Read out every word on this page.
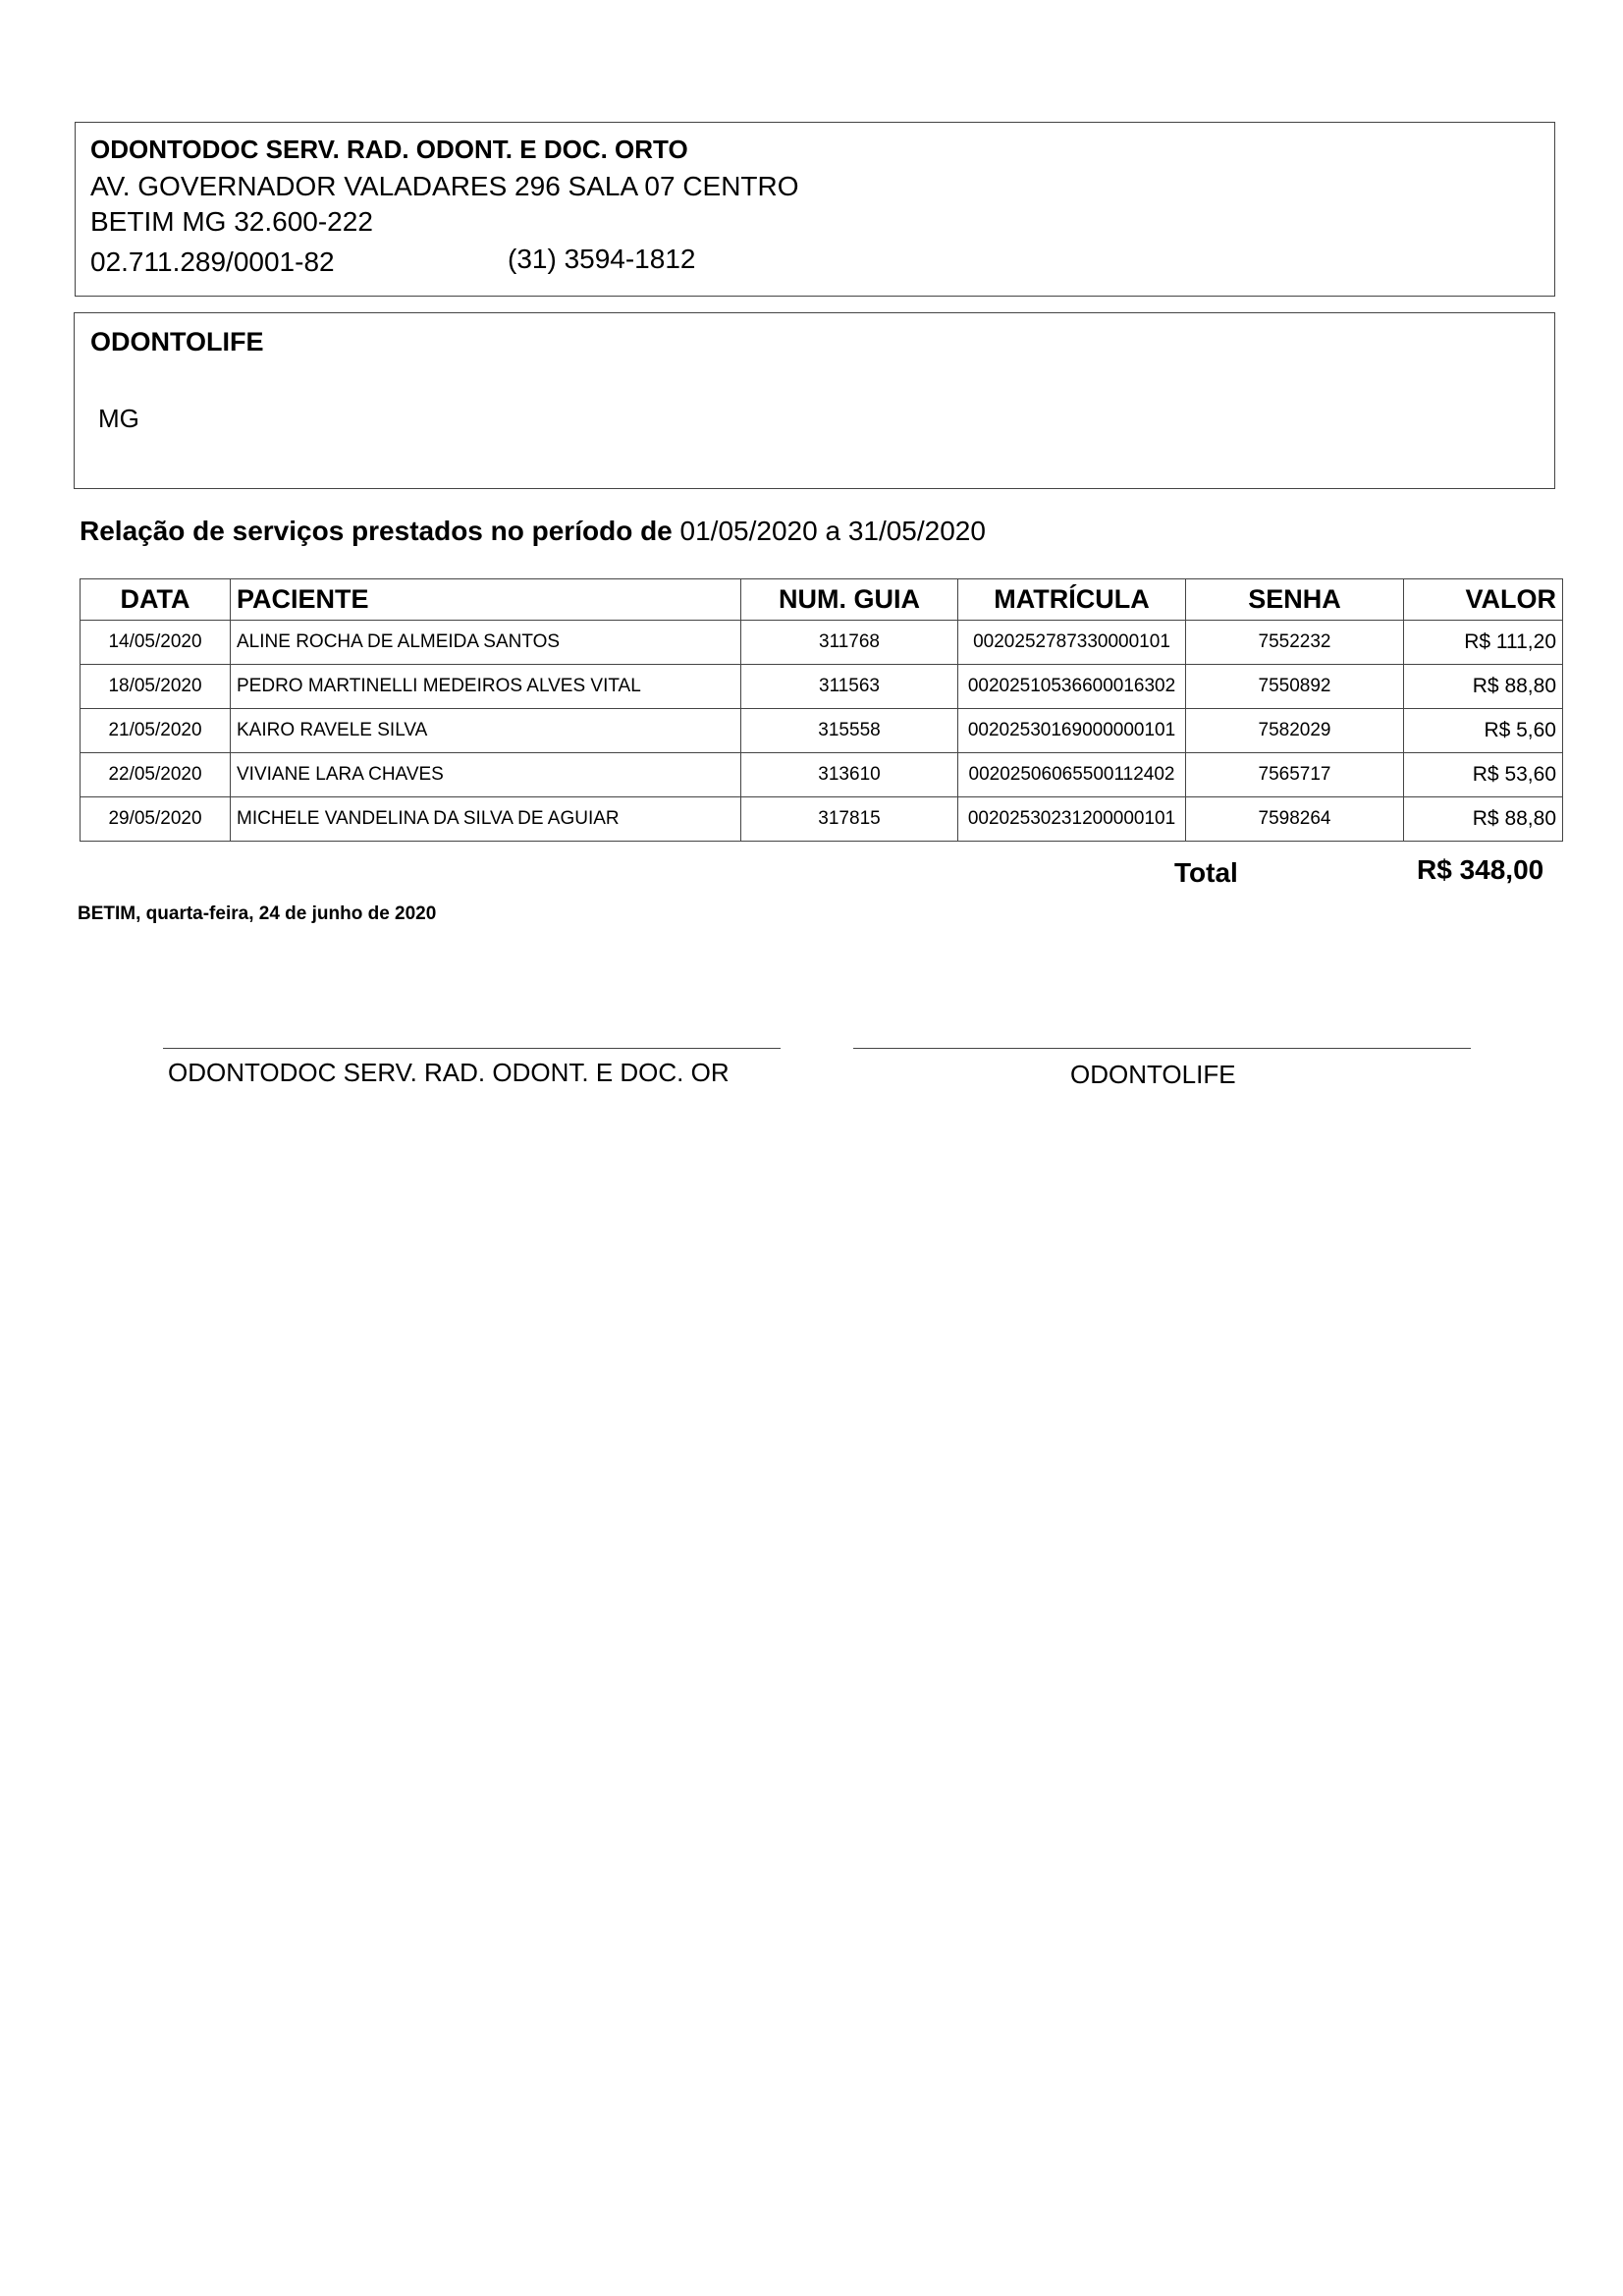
ODONTODOC SERV. RAD. ODONT. E DOC. ORTO
AV. GOVERNADOR VALADARES 296 SALA 07 CENTRO
BETIM MG 32.600-222
02.711.289/0001-82	(31) 3594-1812
ODONTOLIFE
MG
Relação de serviços prestados no período de 01/05/2020 a 31/05/2020
DATA	PACIENTE	NUM. GUIA	MATRÍCULA	SENHA	VALOR
14/05/2020	ALINE ROCHA DE ALMEIDA SANTOS	311768	0020252787330000101	7552232	R$ 111,20
18/05/2020	PEDRO MARTINELLI MEDEIROS ALVES VITAL	311563	00202510536600016302	7550892	R$ 88,80
21/05/2020	KAIRO RAVELE SILVA	315558	00202530169000000101	7582029	R$ 5,60
22/05/2020	VIVIANE LARA CHAVES	313610	00202506065500112402	7565717	R$ 53,60
29/05/2020	MICHELE VANDELINA DA SILVA DE AGUIAR	317815	00202530231200000101	7598264	R$ 88,80
Total	R$ 348,00
BETIM, quarta-feira, 24 de junho de 2020
ODONTODOC SERV. RAD. ODONT. E DOC. OR	ODONTOLIFE
